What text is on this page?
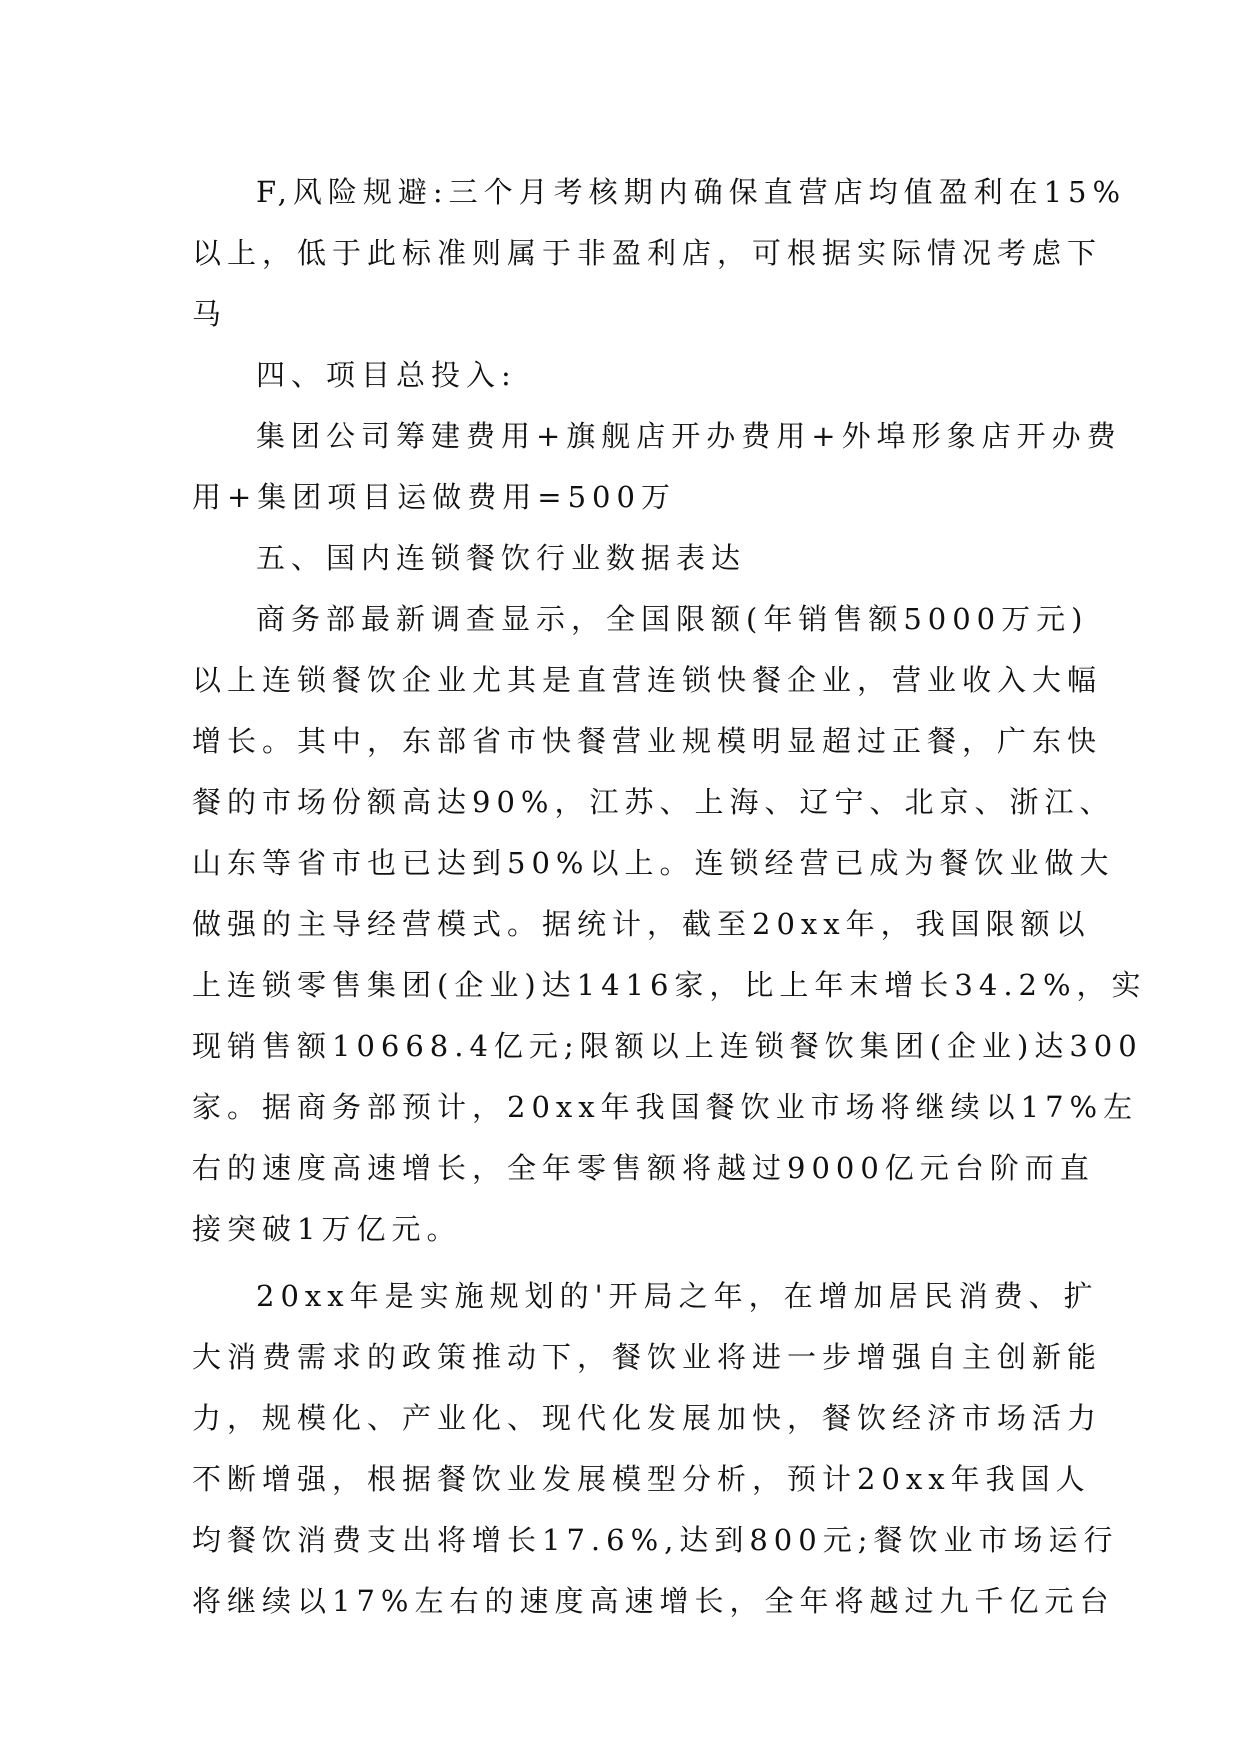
F,风险规避:三个月考核期内确保直营店均值盈利在15%
以上，低于此标准则属于非盈利店，可根据实际情况考虑下
马
四、项目总投入:
集团公司筹建费用+旗舰店开办费用+外埠形象店开办费
用+集团项目运做费用=500万
五、国内连锁餐饮行业数据表达
商务部最新调查显示，全国限额(年销售额5000万元)
以上连锁餐饮企业尤其是直营连锁快餐企业，营业收入大幅
增长。其中，东部省市快餐营业规模明显超过正餐，广东快
餐的市场份额高达90%，江苏、上海、辽宁、北京、浙江、
山东等省市也已达到50%以上。连锁经营已成为餐饮业做大
做强的主导经营模式。据统计，截至20xx年，我国限额以
上连锁零售集团(企业)达1416家，比上年末增长34.2%，实
现销售额10668.4亿元;限额以上连锁餐饮集团(企业)达300
家。据商务部预计，20xx年我国餐饮业市场将继续以17%左
右的速度高速增长，全年零售额将越过9000亿元台阶而直
接突破1万亿元。
20xx年是实施规划的'开局之年，在增加居民消费、扩
大消费需求的政策推动下，餐饮业将进一步增强自主创新能
力，规模化、产业化、现代化发展加快，餐饮经济市场活力
不断增强，根据餐饮业发展模型分析，预计20xx年我国人
均餐饮消费支出将增长17.6%,达到800元;餐饮业市场运行
将继续以17%左右的速度高速增长，全年将越过九千亿元台
